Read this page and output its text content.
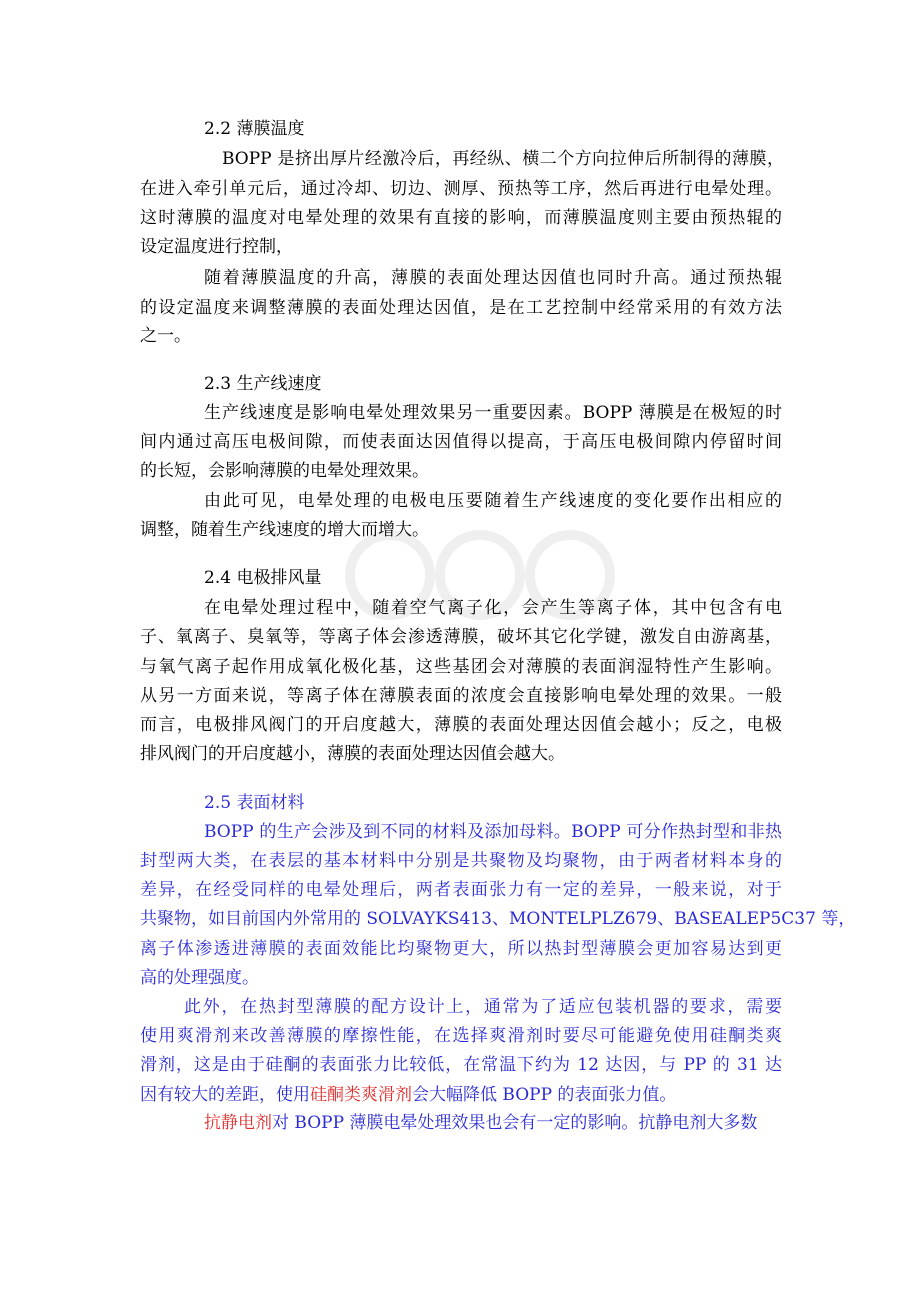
2.2 薄膜温度
BOPP 是挤出厚片经激冷后，再经纵、横二个方向拉伸后所制得的薄膜，
在进入牵引单元后，通过冷却、切边、测厚、预热等工序，然后再进行电晕处理。
这时薄膜的温度对电晕处理的效果有直接的影响，而薄膜温度则主要由预热辊的
设定温度进行控制，
随着薄膜温度的升高，薄膜的表面处理达因值也同时升高。通过预热辊
的设定温度来调整薄膜的表面处理达因值，是在工艺控制中经常采用的有效方法
之一。
2.3 生产线速度
生产线速度是影响电晕处理效果另一重要因素。BOPP 薄膜是在极短的时
间内通过高压电极间隙，而使表面达因值得以提高，于高压电极间隙内停留时间
的长短，会影响薄膜的电晕处理效果。
由此可见，电晕处理的电极电压要随着生产线速度的变化要作出相应的
调整，随着生产线速度的增大而增大。
2.4 电极排风量
在电晕处理过程中，随着空气离子化，会产生等离子体，其中包含有电
子、氧离子、臭氧等，等离子体会渗透薄膜，破坏其它化学键，激发自由游离基，
与氧气离子起作用成氧化极化基，这些基团会对薄膜的表面润湿特性产生影响。
从另一方面来说，等离子体在薄膜表面的浓度会直接影响电晕处理的效果。一般
而言，电极排风阀门的开启度越大，薄膜的表面处理达因值会越小；反之，电极
排风阀门的开启度越小，薄膜的表面处理达因值会越大。
2.5 表面材料
BOPP 的生产会涉及到不同的材料及添加母料。BOPP 可分作热封型和非热
封型两大类，在表层的基本材料中分别是共聚物及均聚物，由于两者材料本身的
差异，在经受同样的电晕处理后，两者表面张力有一定的差异，一般来说，对于
共聚物，如目前国内外常用的 SOLVAYKS413、MONTELPLZ679、BASEALEP5C37 等，
离子体渗透进薄膜的表面效能比均聚物更大，所以热封型薄膜会更加容易达到更
高的处理强度。
此外，在热封型薄膜的配方设计上，通常为了适应包装机器的要求，需要
使用爽滑剂来改善薄膜的摩擦性能，在选择爽滑剂时要尽可能避免使用硅酮类爽
滑剂，这是由于硅酮的表面张力比较低，在常温下约为 12 达因，与 PP 的 31 达
因有较大的差距，使用硅酮类爽滑剂会大幅降低 BOPP 的表面张力值。
抗静电剂对 BOPP 薄膜电晕处理效果也会有一定的影响。抗静电剂大多数
